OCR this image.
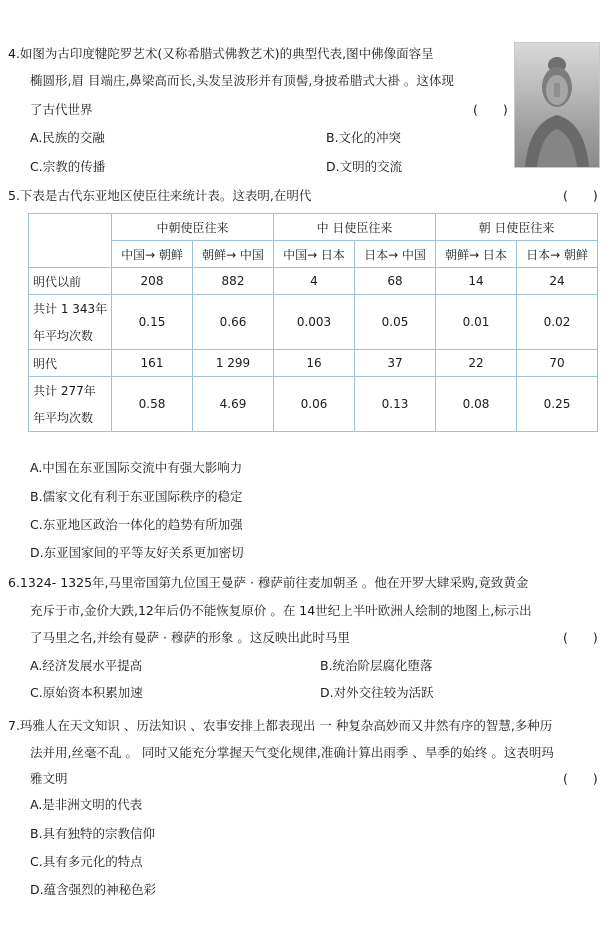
4.如图为古印度犍陀罗艺术(又称希腊式佛教艺术)的典型代表,图中佛像面容呈
椭圆形,眉 目端庄,鼻梁高而长,头发呈波形并有顶髻,身披希腊式大褂 。这体现
了古代世界	(　　)
A.民族的交融	B.文化的冲突
C.宗教的传播	D.文明的交流
5.下表是古代东亚地区使臣往来统计表。这表明,在明代	(　　)
	中朝使臣往来		中 日使臣往来		朝 日使臣往来	
	中国→ 朝鲜	朝鲜→ 中国	中国→ 日本	日本→ 中国	朝鲜→ 日本	日本→ 朝鲜
明代以前	208	882	4	68	14	24

共计 1 343年
年平均次数	0.15	0.66	0.003	0.05	0.01	0.02
明代	161	1 299	16	37	22	70

共计 277年
年平均次数	0.58	4.69	0.06	0.13	0.08	0.25
A.中国在东亚国际交流中有强大影响力
B.儒家文化有利于东亚国际秩序的稳定
C.东亚地区政治一体化的趋势有所加强
D.东亚国家间的平等友好关系更加密切
6.1324- 1325年,马里帝国第九位国王曼萨 · 穆萨前往麦加朝圣 。他在开罗大肆采购,竟致黄金
充斥于市,金价大跌,12年后仍不能恢复原价 。在 14世纪上半叶欧洲人绘制的地图上,标示出
了马里之名,并绘有曼萨 · 穆萨的形象 。这反映出此时马里	(　　)
A.经济发展水平提高	B.统治阶层腐化堕落
C.原始资本积累加速	D.对外交往较为活跃
7.玛雅人在天文知识 、历法知识 、农事安排上都表现出 一 种复杂高妙而又井然有序的智慧,多种历
法并用,丝毫不乱 。 同时又能充分掌握天气变化规律,准确计算出雨季 、旱季的始终 。这表明玛
雅文明	(　　)
A.是非洲文明的代表
B.具有独特的宗教信仰
C.具有多元化的特点
D.蕴含强烈的神秘色彩
